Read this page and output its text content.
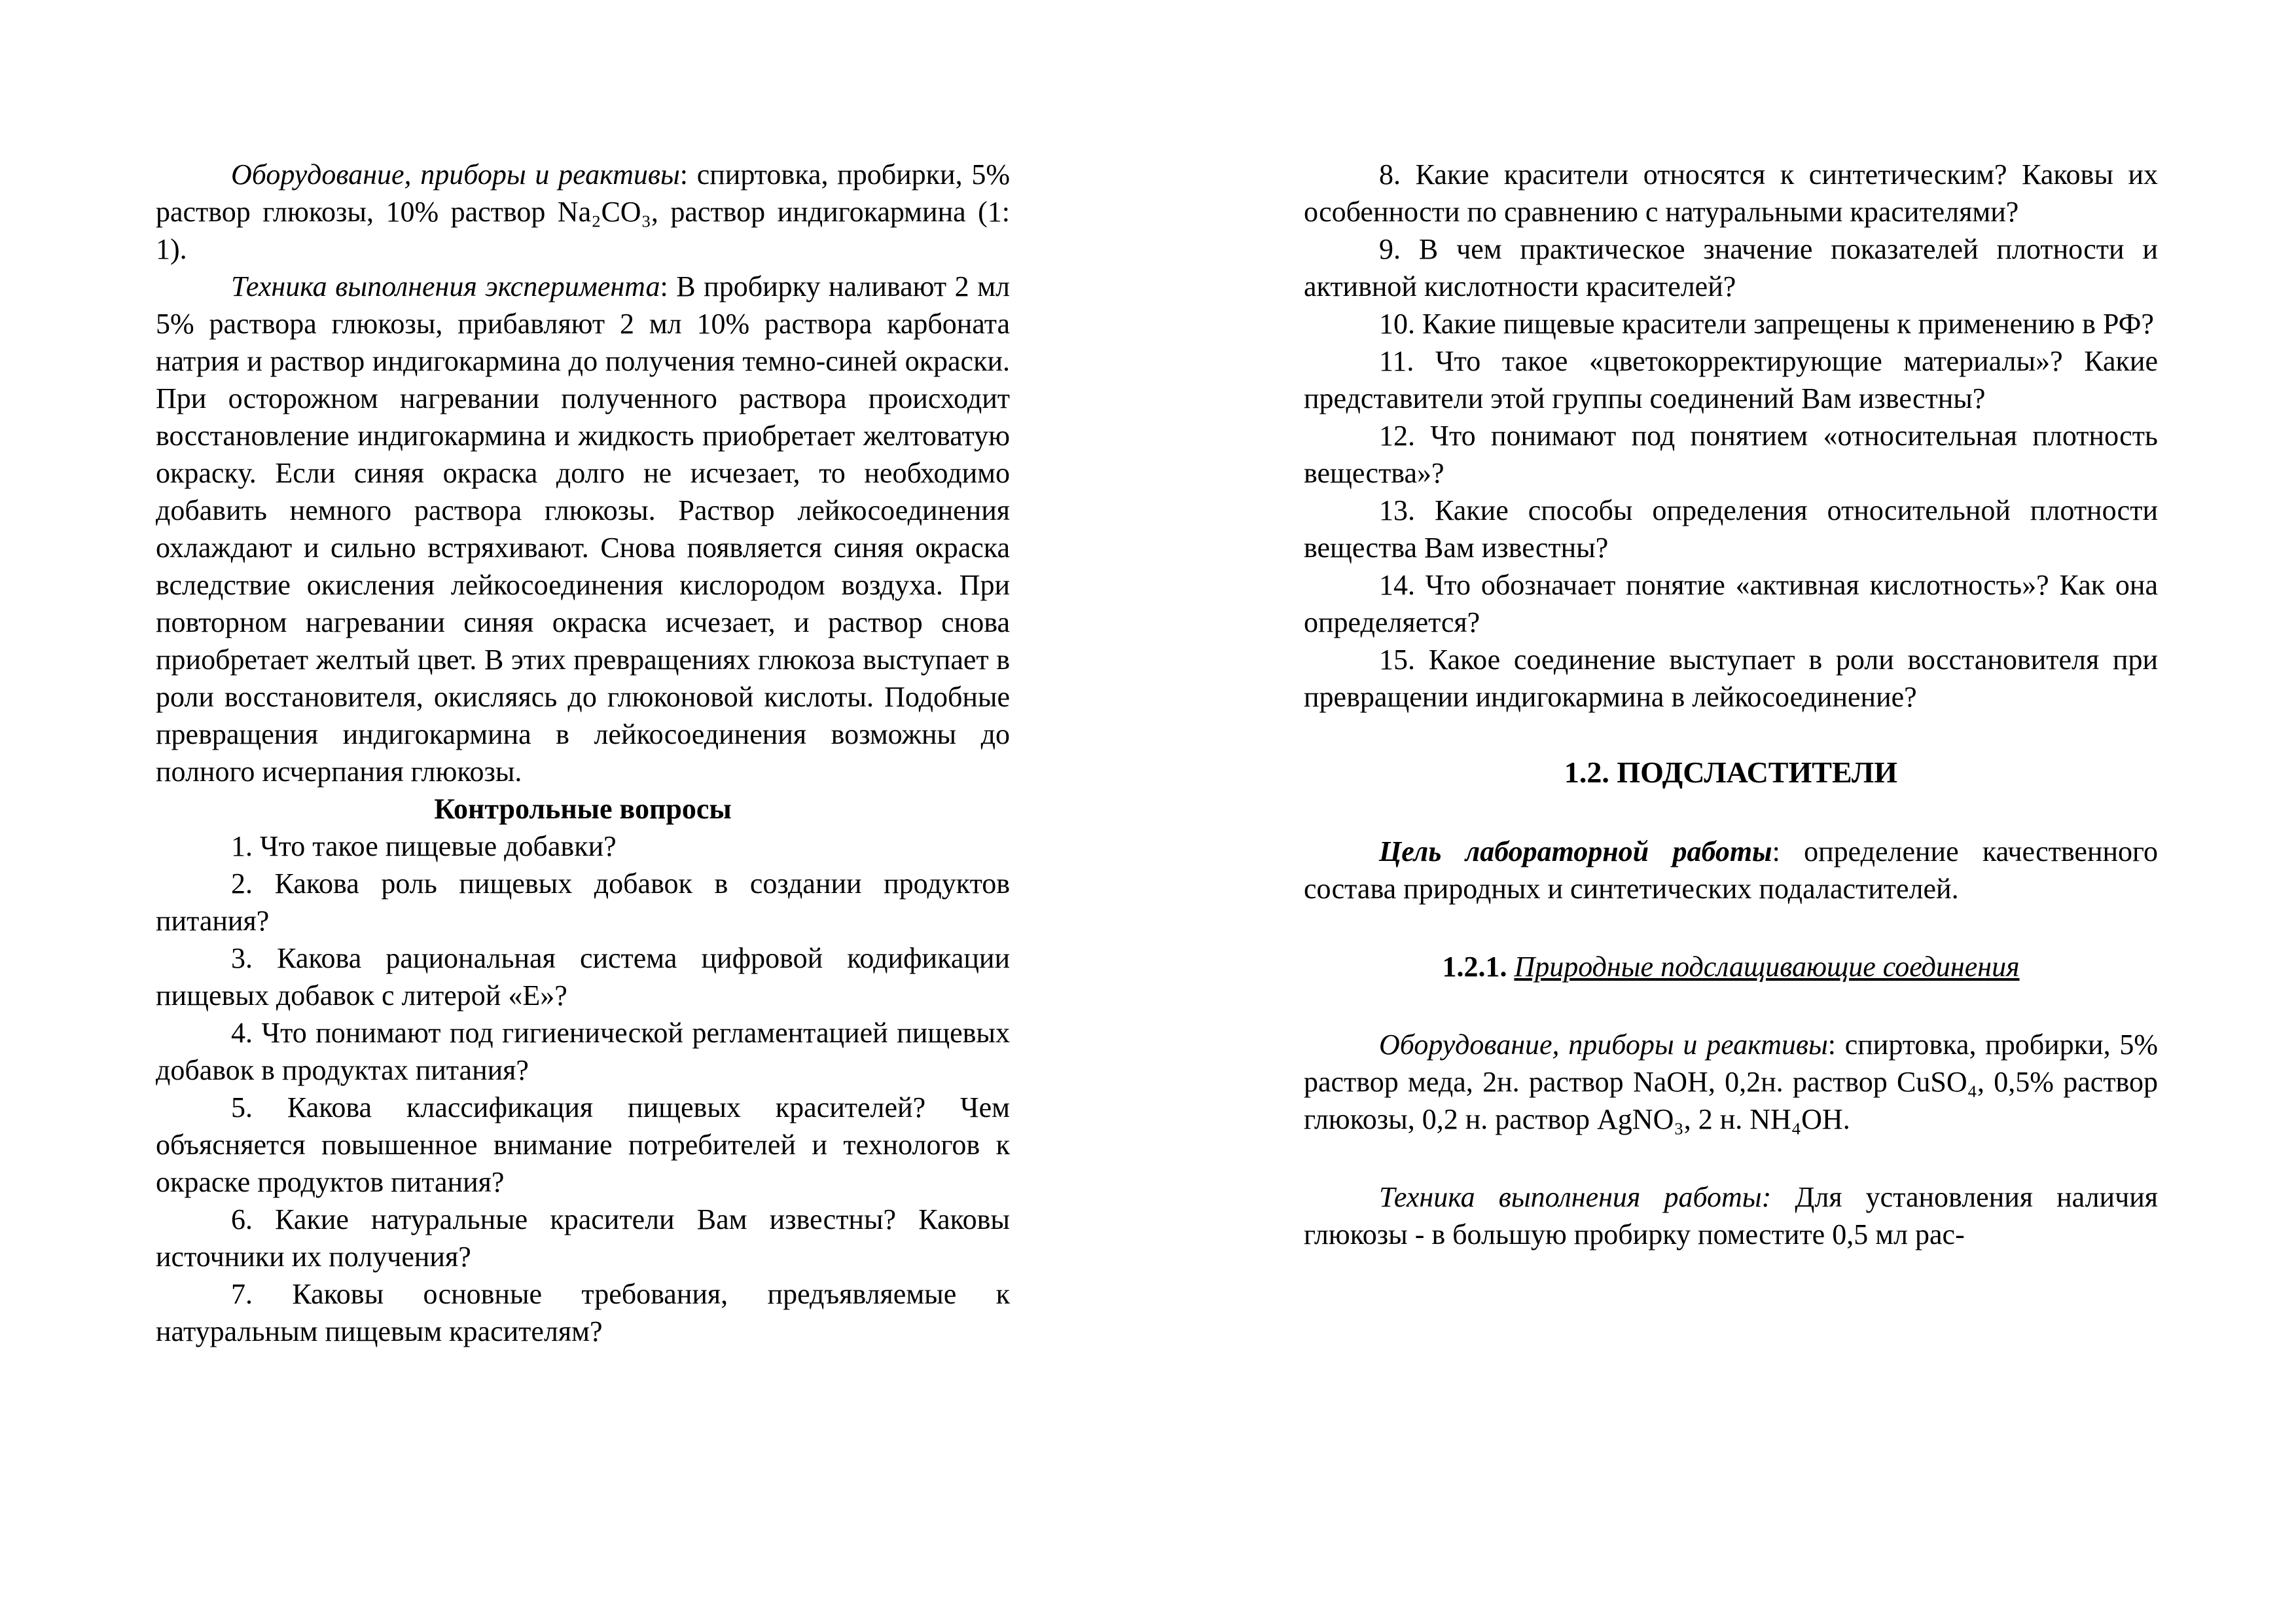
Оборудование, приборы и реактивы: спиртовка, пробирки, 5% раствор глюкозы, 10% раствор Na₂CO₃, раствор индигокармина (1: 1).

Техника выполнения эксперимента: В пробирку наливают 2 мл 5% раствора глюкозы, прибавляют 2 мл 10% раствора карбоната натрия и раствор индигокармина до получения темно-синей окраски. При осторожном нагревании полученного раствора происходит восстановление индигокармина и жидкость приобретает желтоватую окраску. Если синяя окраска долго не исчезает, то необходимо добавить немного раствора глюкозы. Раствор лейкосоединения охлаждают и сильно встряхивают. Снова появляется синяя окраска вследствие окисления лейкосоединения кислородом воздуха. При повторном нагревании синяя окраска исчезает, и раствор снова приобретает желтый цвет. В этих превращениях глюкоза выступает в роли восстановителя, окисляясь до глюконовой кислоты. Подобные превращения индигокармина в лейкосоединения возможны до полного исчерпания глюкозы.

Контрольные вопросы

1. Что такое пищевые добавки?

2. Какова роль пищевых добавок в создании продуктов питания?

3. Какова рациональная система цифровой кодификации пищевых добавок с литерой «Е»?

4. Что понимают под гигиенической регламентацией пищевых добавок в продуктах питания?

5. Какова классификация пищевых красителей? Чем объясняется повышенное внимание потребителей и технологов к окраске продуктов питания?

6. Какие натуральные красители Вам известны? Каковы источники их получения?

7. Каковы основные требования, предъявляемые к натуральным пищевым красителям?

8. Какие красители относятся к синтетическим? Каковы их особенности по сравнению с натуральными красителями?

9. В чем практическое значение показателей плотности и активной кислотности красителей?

10. Какие пищевые красители запрещены к применению в РФ?

11. Что такое «цветокорректирующие материалы»? Какие представители этой группы соединений Вам известны?

12. Что понимают под понятием «относительная плотность вещества»?

13. Какие способы определения относительной плотности вещества Вам известны?

14. Что обозначает понятие «активная кислотность»? Как она определяется?

15. Какое соединение выступает в роли восстановителя при превращении индигокармина в лейкосоединение?

1.2. ПОДСЛАСТИТЕЛИ

Цель лабораторной работы: определение качественного состава природных и синтетических подаластителей.

1.2.1. Природные подслащивающие соединения

Оборудование, приборы и реактивы: спиртовка, пробирки, 5% раствор меда, 2н. раствор NaOH, 0,2н. раствор CuSO₄, 0,5% раствор глюкозы, 0,2 н. раствор AgNO₃, 2 н. NH₄OH.

Техника выполнения работы: Для установления наличия глюкозы - в большую пробирку поместите 0,5 мл рас-
